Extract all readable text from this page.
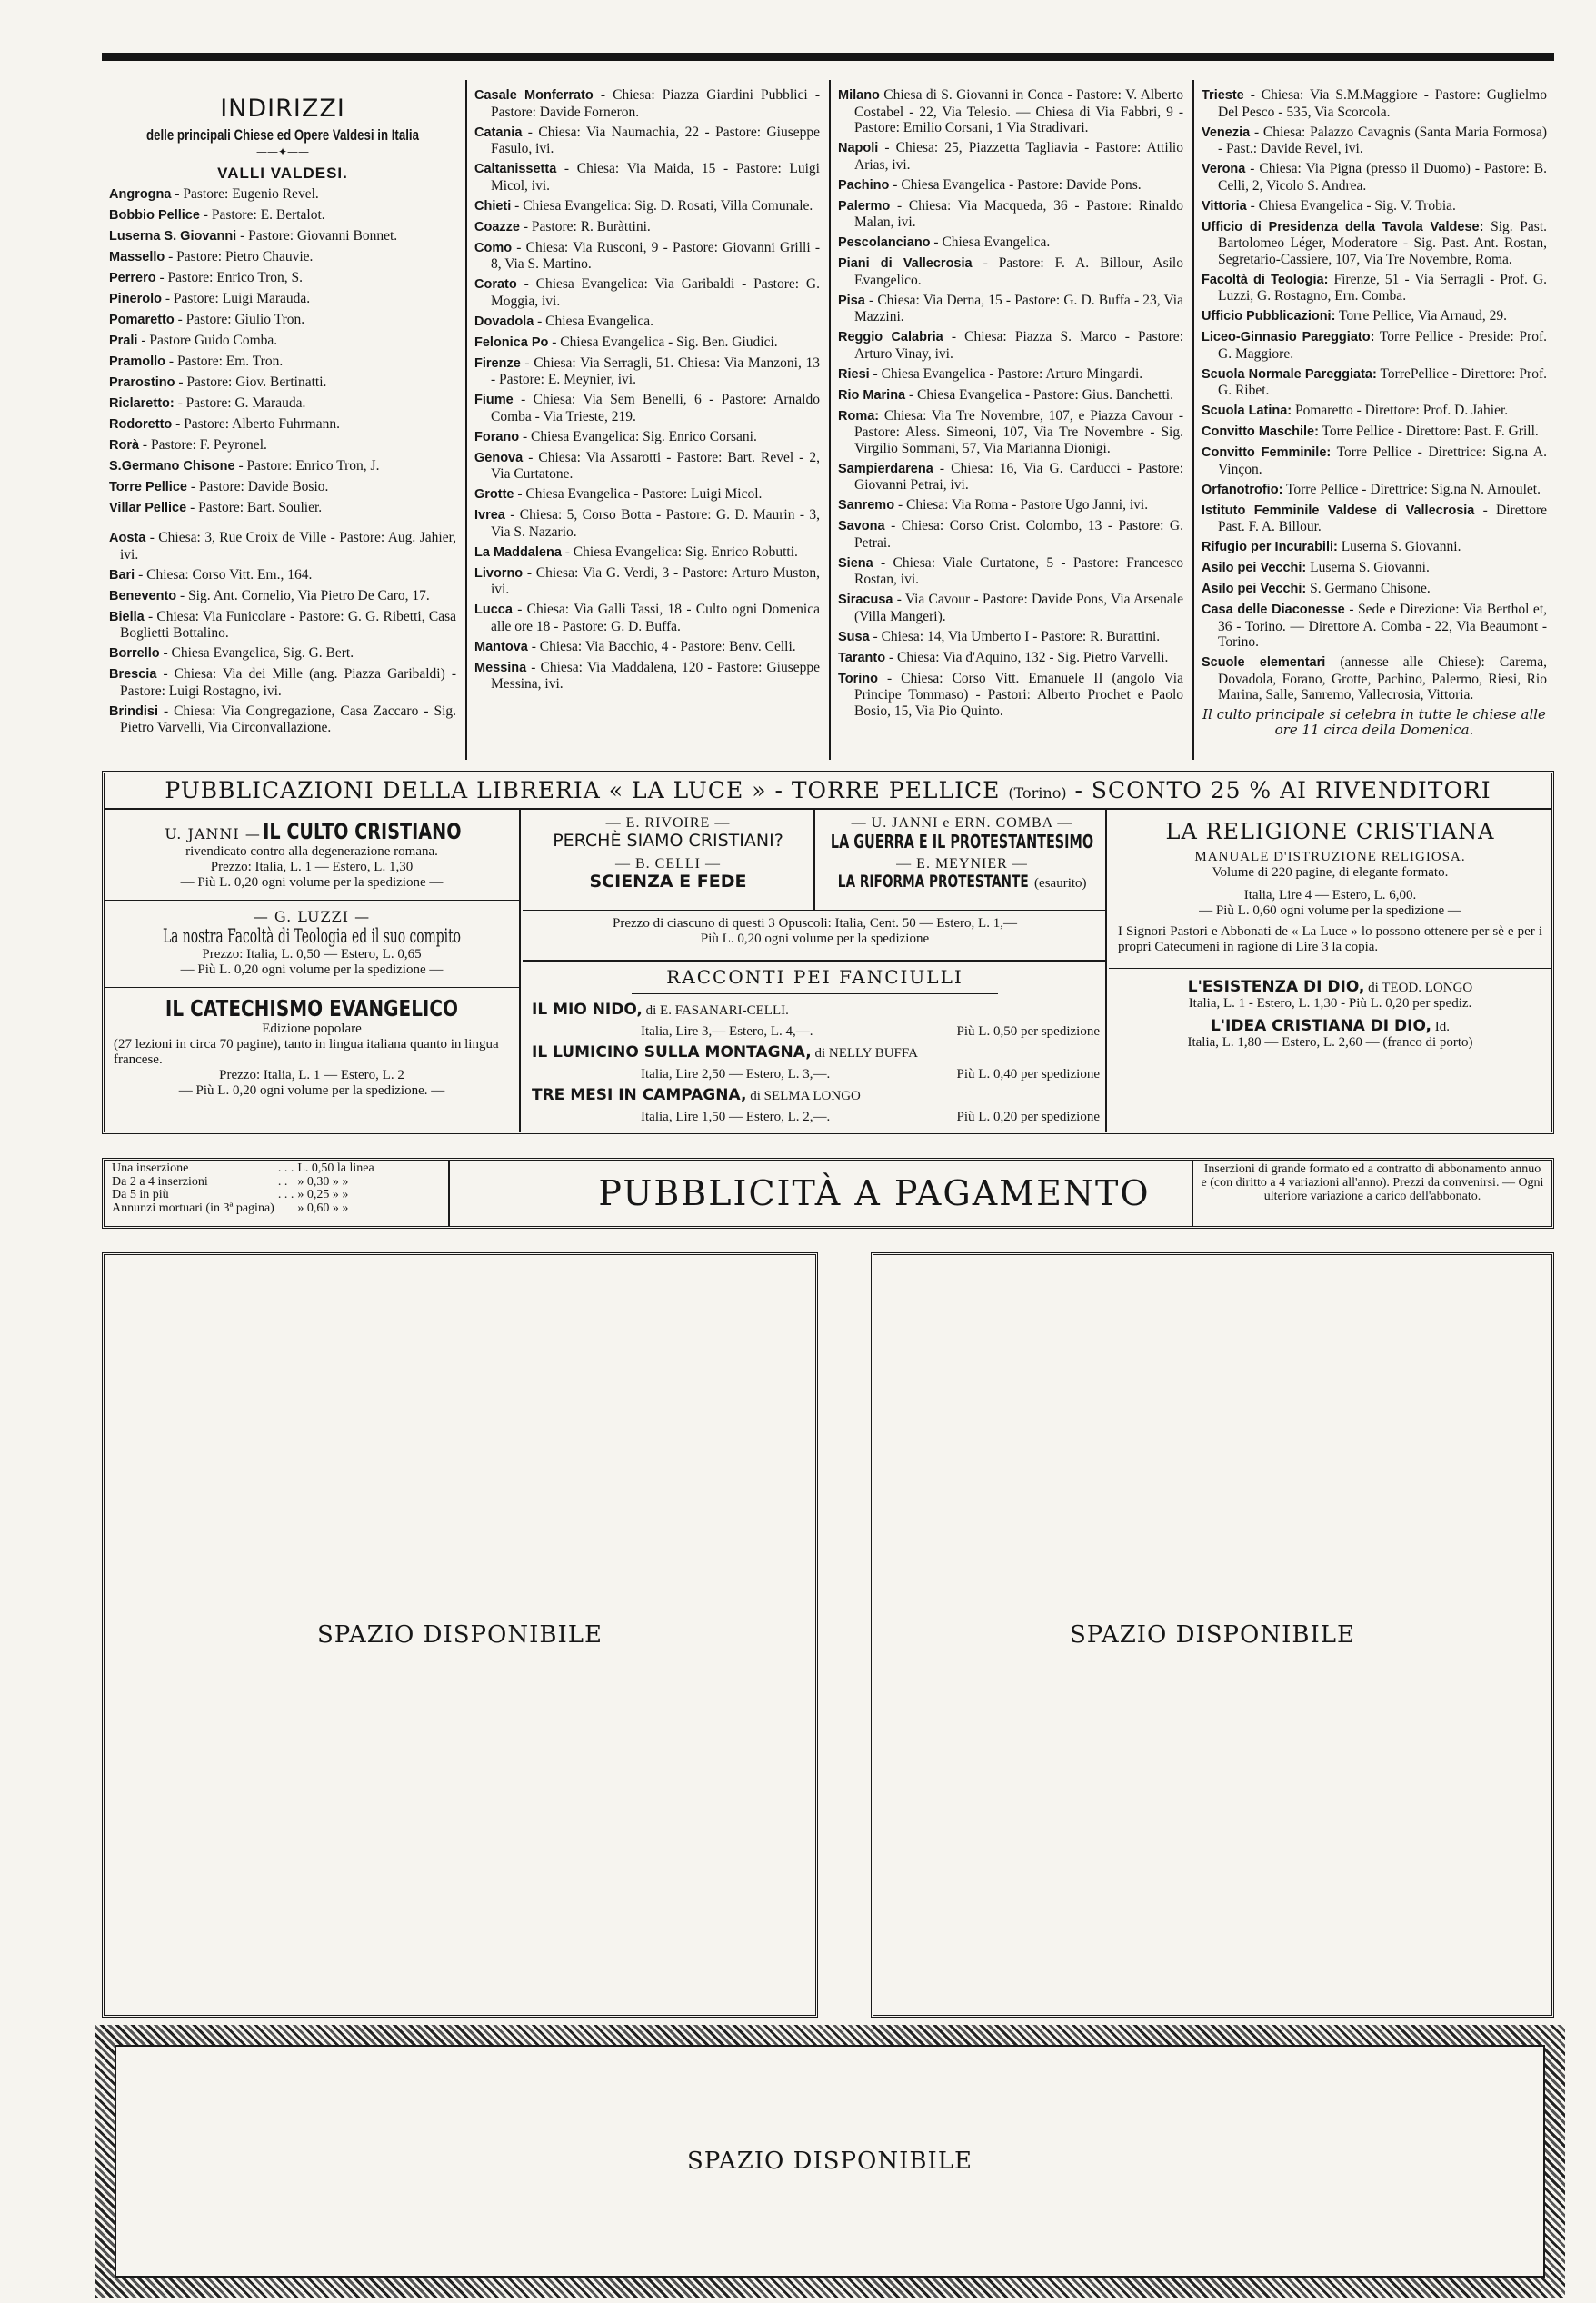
INDIRIZZI
delle principali Chiese ed Opere Valdesi in Italia
——✦——
VALLI VALDESI.
Angrogna - Pastore: Eugenio Revel.
Bobbio Pellice - Pastore: E. Bertalot.
Luserna S. Giovanni - Pastore: Giovanni Bonnet.
Massello - Pastore: Pietro Chauvie.
Perrero - Pastore: Enrico Tron, S.
Pinerolo - Pastore: Luigi Marauda.
Pomaretto - Pastore: Giulio Tron.
Prali - Pastore Guido Comba.
Pramollo - Pastore: Em. Tron.
Prarostino - Pastore: Giov. Bertinatti.
Riclaretto: - Pastore: G. Marauda.
Rodoretto - Pastore: Alberto Fuhrmann.
Rorà - Pastore: F. Peyronel.
S.Germano Chisone - Pastore: Enrico Tron, J.
Torre Pellice - Pastore: Davide Bosio.
Villar Pellice - Pastore: Bart. Soulier.
Aosta - Chiesa: 3, Rue Croix de Ville - Pastore: Aug. Jahier, ivi.
Bari - Chiesa: Corso Vitt. Em., 164.
Benevento - Sig. Ant. Cornelio, Via Pietro De Caro, 17.
Biella - Chiesa: Via Funicolare - Pastore: G. G. Ribetti, Casa Boglietti Bottalino.
Borrello - Chiesa Evangelica, Sig. G. Bert.
Brescia - Chiesa: Via dei Mille (ang. Piazza Garibaldi) - Pastore: Luigi Rostagno, ivi.
Brindisi - Chiesa: Via Congregazione, Casa Zaccaro - Sig. Pietro Varvelli, Via Circonvallazione.
Casale Monferrato - Chiesa: Piazza Giardini Pubblici - Pastore: Davide Forneron.
Catania - Chiesa: Via Naumachia, 22 - Pastore: Giuseppe Fasulo, ivi.
Caltanissetta - Chiesa: Via Maida, 15 - Pastore: Luigi Micol, ivi.
Chieti - Chiesa Evangelica: Sig. D. Rosati, Villa Comunale.
Coazze - Pastore: R. Buràttini.
Como - Chiesa: Via Rusconi, 9 - Pastore: Giovanni Grilli - 8, Via S. Martino.
Corato - Chiesa Evangelica: Via Garibaldi - Pastore: G. Moggia, ivi.
Dovadola - Chiesa Evangelica.
Felonica Po - Chiesa Evangelica - Sig. Ben. Giudici.
Firenze - Chiesa: Via Serragli, 51. Chiesa: Via Manzoni, 13 - Pastore: E. Meynier, ivi.
Fiume - Chiesa: Via Sem Benelli, 6 - Pastore: Arnaldo Comba - Via Trieste, 219.
Forano - Chiesa Evangelica: Sig. Enrico Corsani.
Genova - Chiesa: Via Assarotti - Pastore: Bart. Revel - 2, Via Curtatone.
Grotte - Chiesa Evangelica - Pastore: Luigi Micol.
Ivrea - Chiesa: 5, Corso Botta - Pastore: G. D. Maurin - 3, Via S. Nazario.
La Maddalena - Chiesa Evangelica: Sig. Enrico Robutti.
Livorno - Chiesa: Via G. Verdi, 3 - Pastore: Arturo Muston, ivi.
Lucca - Chiesa: Via Galli Tassi, 18 - Culto ogni Domenica alle ore 18 - Pastore: G. D. Buffa.
Mantova - Chiesa: Via Bacchio, 4 - Pastore: Benv. Celli.
Messina - Chiesa: Via Maddalena, 120 - Pastore: Giuseppe Messina, ivi.
Milano Chiesa di S. Giovanni in Conca - Pastore: V. Alberto Costabel - 22, Via Telesio. — Chiesa di Via Fabbri, 9 - Pastore: Emilio Corsani, 1 Via Stradivari.
Napoli - Chiesa: 25, Piazzetta Tagliavia - Pastore: Attilio Arias, ivi.
Pachino - Chiesa Evangelica - Pastore: Davide Pons.
Palermo - Chiesa: Via Macqueda, 36 - Pastore: Rinaldo Malan, ivi.
Pescolanciano - Chiesa Evangelica.
Piani di Vallecrosia - Pastore: F. A. Billour, Asilo Evangelico.
Pisa - Chiesa: Via Derna, 15 - Pastore: G. D. Buffa - 23, Via Mazzini.
Reggio Calabria - Chiesa: Piazza S. Marco - Pastore: Arturo Vinay, ivi.
Riesi - Chiesa Evangelica - Pastore: Arturo Mingardi.
Rio Marina - Chiesa Evangelica - Pastore: Gius. Banchetti.
Roma: Chiesa: Via Tre Novembre, 107, e Piazza Cavour - Pastore: Aless. Simeoni, 107, Via Tre Novembre - Sig. Virgilio Sommani, 57, Via Marianna Dionigi.
Sampierdarena - Chiesa: 16, Via G. Carducci - Pastore: Giovanni Petrai, ivi.
Sanremo - Chiesa: Via Roma - Pastore Ugo Janni, ivi.
Savona - Chiesa: Corso Crist. Colombo, 13 - Pastore: G. Petrai.
Siena - Chiesa: Viale Curtatone, 5 - Pastore: Francesco Rostan, ivi.
Siracusa - Via Cavour - Pastore: Davide Pons, Via Arsenale (Villa Mangeri).
Susa - Chiesa: 14, Via Umberto I - Pastore: R. Burattini.
Taranto - Chiesa: Via d'Aquino, 132 - Sig. Pietro Varvelli.
Torino - Chiesa: Corso Vitt. Emanuele II (angolo Via Principe Tommaso) - Pastori: Alberto Prochet e Paolo Bosio, 15, Via Pio Quinto.
Trieste - Chiesa: Via S.M.Maggiore - Pastore: Guglielmo Del Pesco - 535, Via Scorcola.
Venezia - Chiesa: Palazzo Cavagnis (Santa Maria Formosa) - Past.: Davide Revel, ivi.
Verona - Chiesa: Via Pigna (presso il Duomo) - Pastore: B. Celli, 2, Vicolo S. Andrea.
Vittoria - Chiesa Evangelica - Sig. V. Trobia.
Ufficio di Presidenza della Tavola Valdese: Sig. Past. Bartolomeo Léger, Moderatore - Sig. Past. Ant. Rostan, Segretario-Cassiere, 107, Via Tre Novembre, Roma.
Facoltà di Teologia: Firenze, 51 - Via Serragli - Prof. G. Luzzi, G. Rostagno, Ern. Comba.
Ufficio Pubblicazioni: Torre Pellice, Via Arnaud, 29.
Liceo-Ginnasio Pareggiato: Torre Pellice - Preside: Prof. G. Maggiore.
Scuola Normale Pareggiata: TorrePellice - Direttore: Prof. G. Ribet.
Scuola Latina: Pomaretto - Direttore: Prof. D. Jahier.
Convitto Maschile: Torre Pellice - Direttore: Past. F. Grill.
Convitto Femminile: Torre Pellice - Direttrice: Sig.na A. Vinçon.
Orfanotrofio: Torre Pellice - Direttrice: Sig.na N. Arnoulet.
Istituto Femminile Valdese di Vallecrosia - Direttore Past. F. A. Billour.
Rifugio per Incurabili: Luserna S. Giovanni.
Asilo pei Vecchi: Luserna S. Giovanni.
Asilo pei Vecchi: S. Germano Chisone.
Casa delle Diaconesse - Sede e Direzione: Via Berthol et, 36 - Torino. — Direttore A. Comba - 22, Via Beaumont - Torino.
Scuole elementari (annesse alle Chiese): Carema, Dovadola, Forano, Grotte, Pachino, Palermo, Riesi, Rio Marina, Salle, Sanremo, Vallecrosia, Vittoria.
Il culto principale si celebra in tutte le chiese alle ore 11 circa della Domenica.
PUBBLICAZIONI DELLA LIBRERIA « LA LUCE » - TORRE PELLICE (Torino) - SCONTO 25 % AI RIVENDITORI
U. JANNI — IL CULTO CRISTIANO
rivendicato contro alla degenerazione romana.
Prezzo: Italia, L. 1 — Estero, L. 1,30
— Più L. 0,20 ogni volume per la spedizione —
— G. LUZZI —
La nostra Facoltà di Teologia ed il suo compito
Prezzo: Italia, L. 0,50 — Estero, L. 0,65
— Più L. 0,20 ogni volume per la spedizione —
IL CATECHISMO EVANGELICO
Edizione popolare
(27 lezioni in circa 70 pagine), tanto in lingua italiana quanto in lingua francese.
Prezzo: Italia, L. 1 — Estero, L. 2
— Più L. 0,20 ogni volume per la spedizione. —
— E. RIVOIRE —
PERCHÈ SIAMO CRISTIANI?
— B. CELLI —
SCIENZA E FEDE
— U. JANNI e ERN. COMBA —
LA GUERRA E IL PROTESTANTESIMO
— E. MEYNIER —
LA RIFORMA PROTESTANTE (esaurito)
Prezzo di ciascuno di questi 3 Opuscoli: Italia, Cent. 50 — Estero, L. 1,—
Più L. 0,20 ogni volume per la spedizione
RACCONTI PEI FANCIULLI
IL MIO NIDO, di E. FASANARI-CELLI.
Italia, Lire 3,— Estero, L. 4,—.	Più L. 0,50 per spedizione
IL LUMICINO SULLA MONTAGNA, di NELLY BUFFA
Italia, Lire 2,50 — Estero, L. 3,—.	Più L. 0,40 per spedizione
TRE MESI IN CAMPAGNA, di SELMA LONGO
Italia, Lire 1,50 — Estero, L. 2,—.	Più L. 0,20 per spedizione
LA RELIGIONE CRISTIANA
MANUALE D'ISTRUZIONE RELIGIOSA.
Volume di 220 pagine, di elegante formato.
Italia, Lire 4 — Estero, L. 6,00.
— Più L. 0,60 ogni volume per la spedizione —
I Signori Pastori e Abbonati de « La Luce » lo possono ottenere per sè e per i propri Catecumeni in ragione di Lire 3 la copia.
L'ESISTENZA DI DIO, di TEOD. LONGO
Italia, L. 1 - Estero, L. 1,30 - Più L. 0,20 per spediz.
L'IDEA CRISTIANA DI DIO, Id.
Italia, L. 1,80 — Estero, L. 2,60 — (franco di porto)
Una inserzione	. . .	L. 0,50 la linea
Da 2 a 4 inserzioni	. .	» 0,30 » »
Da 5 in più	. . .	» 0,25 » »
Annunzi mortuari (in 3ª pagina)		» 0,60 » »	PUBBLICITÀ A PAGAMENTO
Inserzioni di grande formato ed a contratto di abbonamento annuo e (con diritto a 4 variazioni all'anno). Prezzi da convenirsi. — Ogni ulteriore variazione a carico dell'abbonato.
SPAZIO DISPONIBILE	SPAZIO DISPONIBILE
SPAZIO DISPONIBILE
